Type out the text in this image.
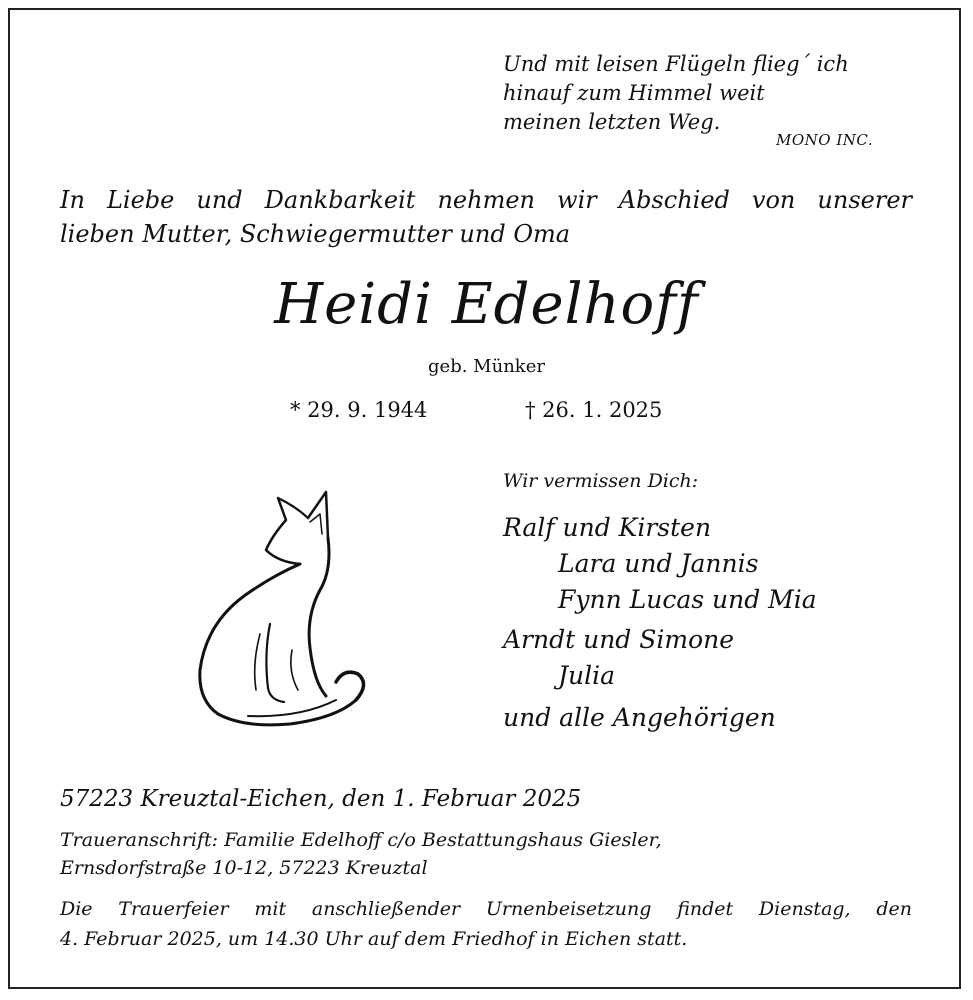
Und mit leisen Flügeln flieg´ ich
hinauf zum Himmel weit
meinen letzten Weg.
MONO INC.
In Liebe und Dankbarkeit nehmen wir Abschied von unserer
lieben Mutter, Schwiegermutter und Oma
Heidi Edelhoff
geb. Münker
* 29. 9. 1944	† 26. 1. 2025
Wir vermissen Dich:
Ralf und Kirsten
Lara und Jannis
Fynn Lucas und Mia
Arndt und Simone
Julia
und alle Angehörigen
57223 Kreuztal-Eichen, den 1. Februar 2025
Traueranschrift: Familie Edelhoff c/o Bestattungshaus Giesler,
Ernsdorfstraße 10-12, 57223 Kreuztal
Die Trauerfeier mit anschließender Urnenbeisetzung findet Dienstag, den
4. Februar 2025, um 14.30 Uhr auf dem Friedhof in Eichen statt.
